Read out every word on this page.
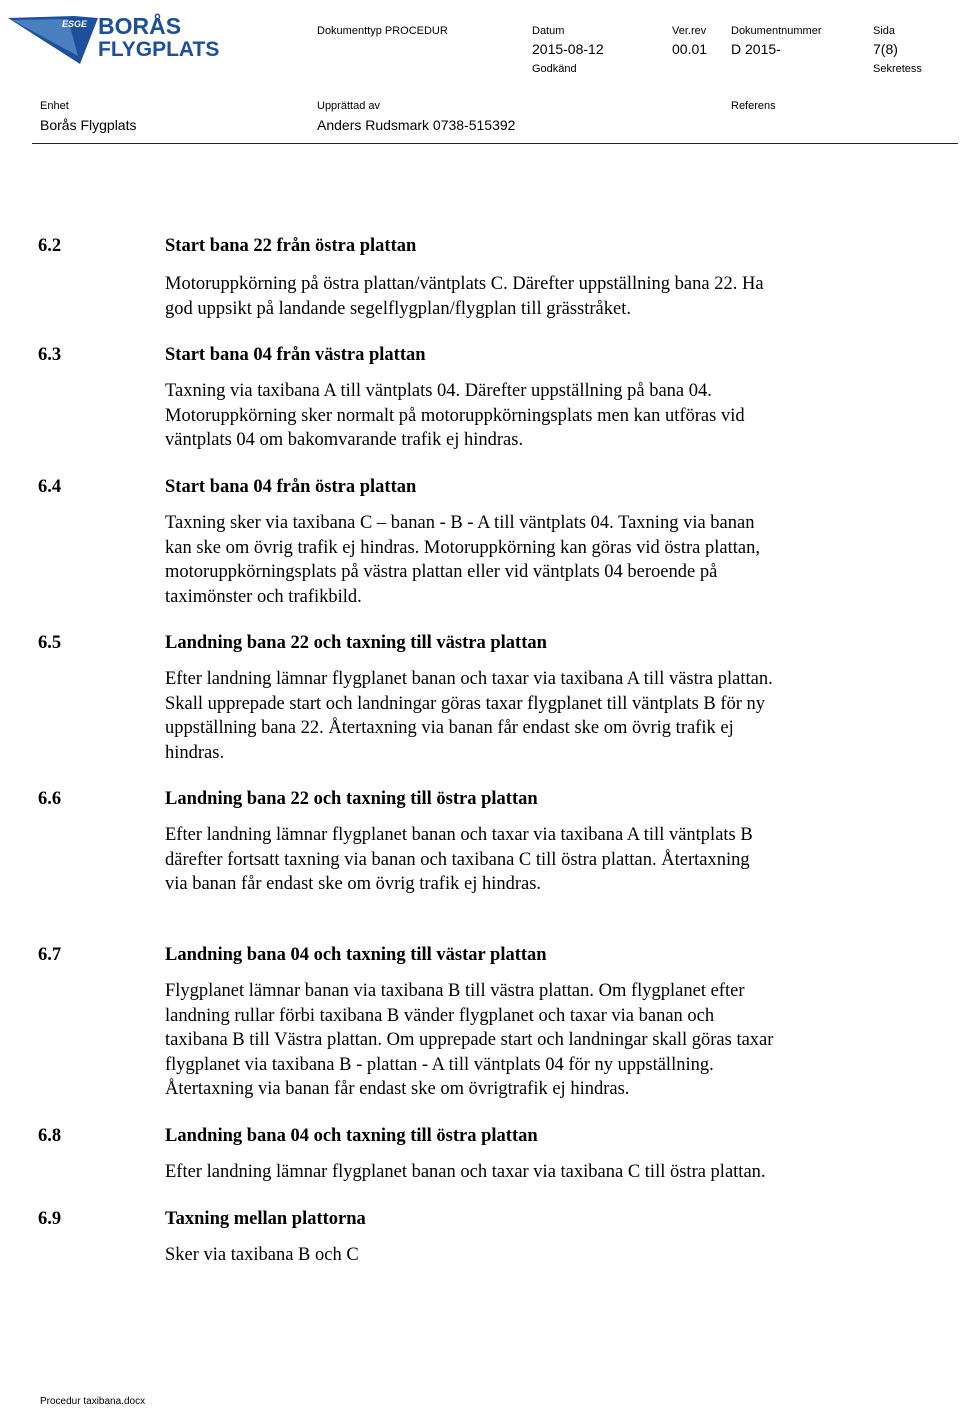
ESGE BORÅS
FLYGPLATS
Dokumenttyp PROCEDUR	Datum
2015-08-12
Godkänd
Ver.rev
00.01
Dokumentnummer
D 2015-
Sida
7(8)
Sekretess
Enhet
Borås Flygplats
Upprättad av
Anders Rudsmark 0738-515392
Referens
6.2	Start bana 22 från östra plattan
Motoruppkörning på östra plattan/väntplats C. Därefter uppställning bana 22. Ha
god uppsikt på landande segelflygplan/flygplan till grässtråket.
6.3	Start bana 04 från västra plattan
Taxning via taxibana A till väntplats 04. Därefter uppställning på bana 04.
Motoruppkörning sker normalt på motoruppkörningsplats men kan utföras vid
väntplats 04 om bakomvarande trafik ej hindras.
6.4	Start bana 04 från östra plattan
Taxning sker via taxibana C – banan - B - A till väntplats 04. Taxning via banan
kan ske om övrig trafik ej hindras. Motoruppkörning kan göras vid östra plattan,
motoruppkörningsplats på västra plattan eller vid väntplats 04 beroende på
taximönster och trafikbild.
6.5	Landning bana 22 och taxning till västra plattan
Efter landning lämnar flygplanet banan och taxar via taxibana A till västra plattan.
Skall upprepade start och landningar göras taxar flygplanet till väntplats B för ny
uppställning bana 22. Återtaxning via banan får endast ske om övrig trafik ej
hindras.
6.6	Landning bana 22 och taxning till östra plattan
Efter landning lämnar flygplanet banan och taxar via taxibana A till väntplats B
därefter fortsatt taxning via banan och taxibana C till östra plattan. Återtaxning
via banan får endast ske om övrig trafik ej hindras.
6.7	Landning bana 04 och taxning till västar plattan
Flygplanet lämnar banan via taxibana B till västra plattan. Om flygplanet efter
landning rullar förbi taxibana B vänder flygplanet och taxar via banan och
taxibana B till Västra plattan. Om upprepade start och landningar skall göras taxar
flygplanet via taxibana B - plattan - A till väntplats 04 för ny uppställning.
Återtaxning via banan får endast ske om övrigtrafik ej hindras.
6.8	Landning bana 04 och taxning till östra plattan
Efter landning lämnar flygplanet banan och taxar via taxibana C till östra plattan.
6.9	Taxning mellan plattorna
Sker via taxibana B och C
Procedur taxibana.docx
